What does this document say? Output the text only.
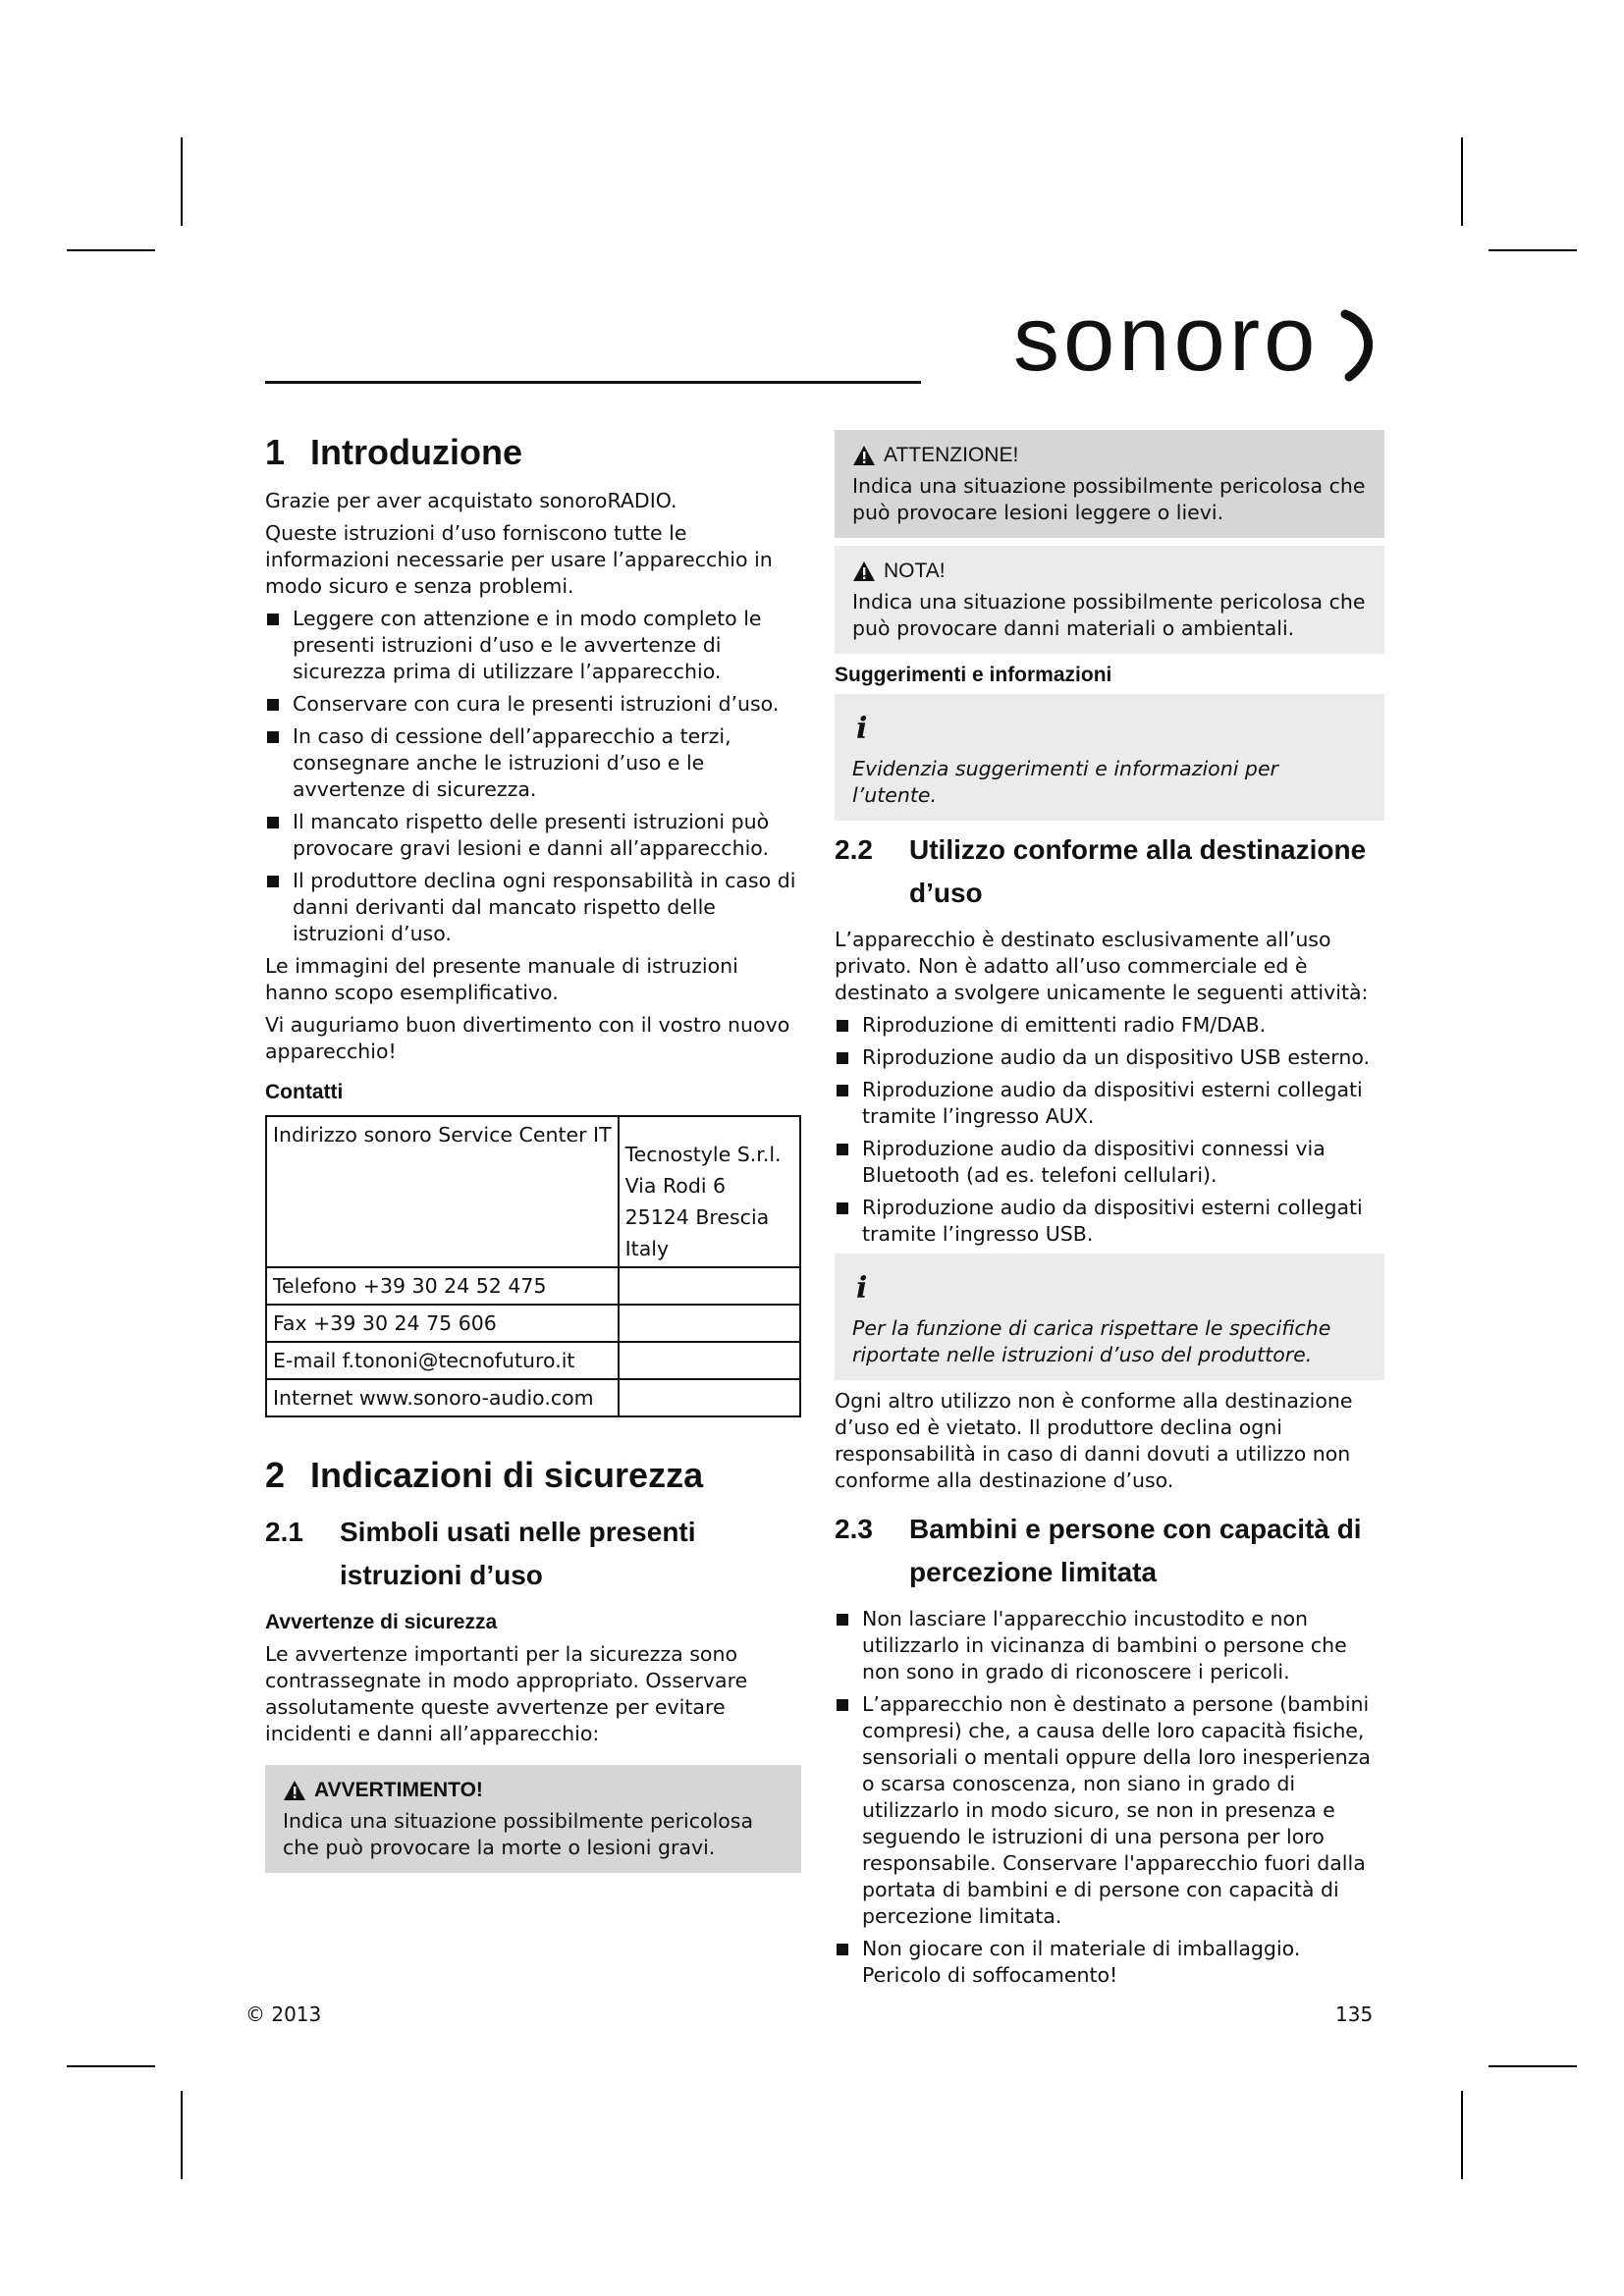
sonoro
1 Introduzione

Grazie per aver acquistato sonoroRADIO.

Queste istruzioni d’uso forniscono tutte le informazioni necessarie per usare l’apparecchio in modo sicuro e senza problemi.

Leggere con attenzione e in modo completo le presenti istruzioni d’uso e le avvertenze di sicurezza prima di utilizzare l’apparecchio.
Conservare con cura le presenti istruzioni d’uso.
In caso di cessione dell’apparecchio a terzi, consegnare anche le istruzioni d’uso e le avvertenze di sicurezza.
Il mancato rispetto delle presenti istruzioni può provocare gravi lesioni e danni all’apparecchio.
Il produttore declina ogni responsabilità in caso di danni derivanti dal mancato rispetto delle istruzioni d’uso.

Le immagini del presente manuale di istruzioni hanno scopo esemplificativo.

Vi auguriamo buon divertimento con il vostro nuovo apparecchio!

Contatti
Indirizzo sonoro Service Center IT	Tecnostyle S.r.l.
Via Rodi 6
25124 Brescia
Italy

Telefono +39 30 24 52 475	
Fax +39 30 24 75 606	
E-mail f.tononi@tecnofuturo.it	
Internet www.sonoro-audio.com	
2 Indicazioni di sicurezza
2.1	Simboli usati nelle presenti istruzioni d’uso
Avvertenze di sicurezza

Le avvertenze importanti per la sicurezza sono contrassegnate in modo appropriato. Osservare assolutamente queste avvertenze per evitare incidenti e danni all’apparecchio:

AVVERTIMENTO!
Indica una situazione possibilmente pericolosa che può provocare la morte o lesioni gravi.
ATTENZIONE!
Indica una situazione possibilmente pericolosa che può provocare lesioni leggere o lievi.
NOTA!
Indica una situazione possibilmente pericolosa che può provocare danni materiali o ambientali.
Suggerimenti e informazioni
i
Evidenzia suggerimenti e informazioni per l’utente.
2.2	Utilizzo conforme alla destinazione d’uso

L’apparecchio è destinato esclusivamente all’uso privato. Non è adatto all’uso commerciale ed è destinato a svolgere unicamente le seguenti attività:

Riproduzione di emittenti radio FM/DAB.
Riproduzione audio da un dispositivo USB esterno.
Riproduzione audio da dispositivi esterni collegati tramite l’ingresso AUX.
Riproduzione audio da dispositivi connessi via Bluetooth (ad es. telefoni cellulari).
Riproduzione audio da dispositivi esterni collegati tramite l’ingresso USB.
i
Per la funzione di carica rispettare le specifiche riportate nelle istruzioni d’uso del produttore.

Ogni altro utilizzo non è conforme alla destinazione d’uso ed è vietato. Il produttore declina ogni responsabilità in caso di danni dovuti a utilizzo non conforme alla destinazione d’uso.

2.3	Bambini e persone con capacità di percezione limitata
Non lasciare l'apparecchio incustodito e non utilizzarlo in vicinanza di bambini o persone che non sono in grado di riconoscere i pericoli.
L’apparecchio non è destinato a persone (bambini compresi) che, a causa delle loro capacità fisiche, sensoriali o mentali oppure della loro inesperienza o scarsa conoscenza, non siano in grado di utilizzarlo in modo sicuro, se non in presenza e seguendo le istruzioni di una persona per loro responsabile. Conservare l'apparecchio fuori dalla portata di bambini e di persone con capacità di percezione limitata.
Non giocare con il materiale di imballaggio. Pericolo di soffocamento!
© 2013	135
